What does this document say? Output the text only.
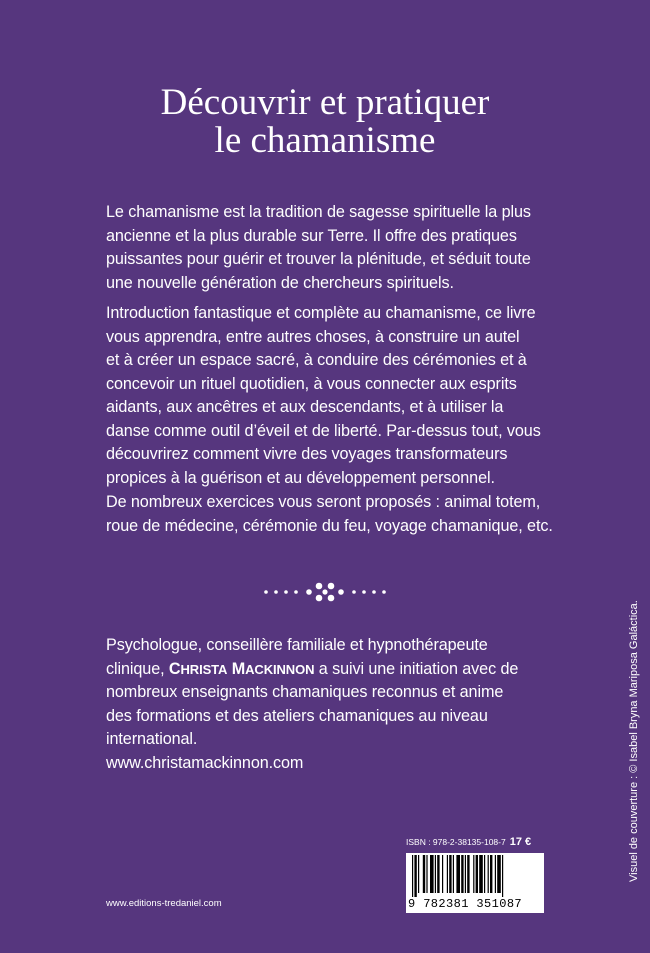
Découvrir et pratiquer
le chamanisme

Le chamanisme est la tradition de sagesse spirituelle la plus
ancienne et la plus durable sur Terre. Il offre des pratiques
puissantes pour guérir et trouver la plénitude, et séduit toute
une nouvelle génération de chercheurs spirituels.

Introduction fantastique et complète au chamanisme, ce livre
vous apprendra, entre autres choses, à construire un autel
et à créer un espace sacré, à conduire des cérémonies et à
concevoir un rituel quotidien, à vous connecter aux esprits
aidants, aux ancêtres et aux descendants, et à utiliser la
danse comme outil d’éveil et de liberté. Par-dessus tout, vous
découvrirez comment vivre des voyages transformateurs
propices à la guérison et au développement personnel.

De nombreux exercices vous seront proposés : animal totem,
roue de médecine, cérémonie du feu, voyage chamanique, etc.

Psychologue, conseillère familiale et hypnothérapeute
clinique, CHRISTA MACKINNON a suivi une initiation avec de
nombreux enseignants chamaniques reconnus et anime
des formations et des ateliers chamaniques au niveau
international.
www.christamackinnon.com	Visuel de couverture : © Isabel Bryna Mariposa Galáctica.
ISBN : 978-2-38135-108-7 17 €
9 782381 351087
www.editions-tredaniel.com
